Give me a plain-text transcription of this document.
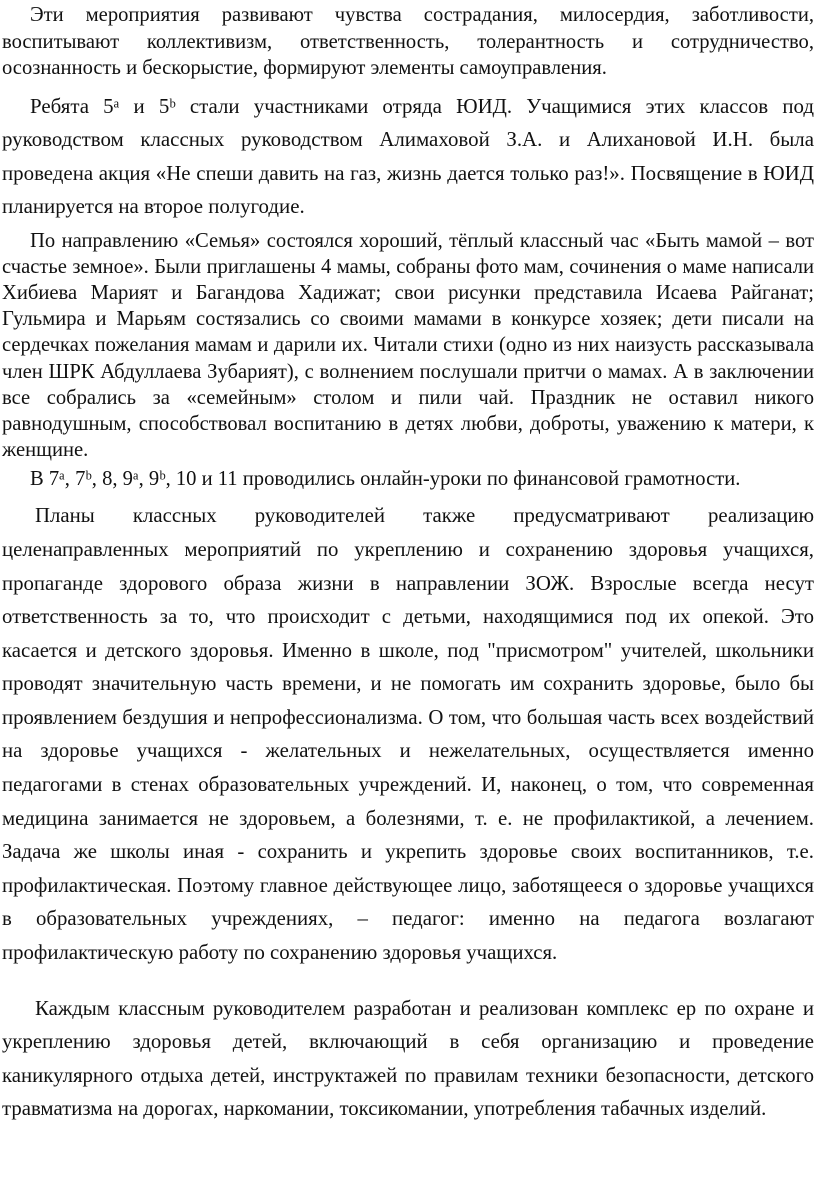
Эти мероприятия развивают чувства сострадания, милосердия, заботливости, воспитывают коллективизм, ответственность, толерантность и сотрудничество, осознанность и бескорыстие, формируют элементы самоуправления.

Ребята 5ᵃ и 5ᵇ стали участниками отряда ЮИД. Учащимися этих классов под руководством классных руководством Алимаховой З.А. и Алихановой И.Н. была проведена акция «Не спеши давить на газ, жизнь дается только раз!». Посвящение в ЮИД планируется на второе полугодие.

По направлению «Семья» состоялся хороший, тёплый классный час «Быть мамой – вот счастье земное». Были приглашены 4 мамы, собраны фото мам, сочинения о маме написали Хибиева Марият и Багандова Хадижат; свои рисунки представила Исаева Райганат; Гульмира и Марьям состязались со своими мамами в конкурсе хозяек; дети писали на сердечках пожелания мамам и дарили их. Читали стихи (одно из них наизусть рассказывала член ШРК Абдуллаева Зубарият), с волнением послушали притчи о мамах. А в заключении все собрались за «семейным» столом и пили чай. Праздник не оставил никого равнодушным, способствовал воспитанию в детях любви, доброты, уважению к матери, к женщине.

В 7ᵃ, 7ᵇ, 8, 9ᵃ, 9ᵇ, 10 и 11 проводились онлайн-уроки по финансовой грамотности.

Планы классных руководителей также предусматривают реализацию целенаправленных мероприятий по укреплению и сохранению здоровья учащихся, пропаганде здорового образа жизни в направлении ЗОЖ. Взрослые всегда несут ответственность за то, что происходит с детьми, находящимися под их опекой. Это касается и детского здоровья. Именно в школе, под "присмотром" учителей, школьники проводят значительную часть времени, и не помогать им сохранить здоровье, было бы проявлением бездушия и непрофессионализма. О том, что большая часть всех воздействий на здоровье учащихся - желательных и нежелательных, осуществляется именно педагогами в стенах образовательных учреждений. И, наконец, о том, что современная медицина занимается не здоровьем, а болезнями, т. е. не профилактикой, а лечением. Задача же школы иная - сохранить и укрепить здоровье своих воспитанников, т.е. профилактическая. Поэтому главное действующее лицо, заботящееся о здоровье учащихся в образовательных учреждениях, – педагог: именно на педагога возлагают профилактическую работу по сохранению здоровья учащихся.

Каждым классным руководителем разработан и реализован комплекс ер по охране и укреплению здоровья детей, включающий в себя организацию и проведение каникулярного отдыха детей, инструктажей по правилам техники безопасности, детского травматизма на дорогах, наркомании, токсикомании, употребления табачных изделий.
